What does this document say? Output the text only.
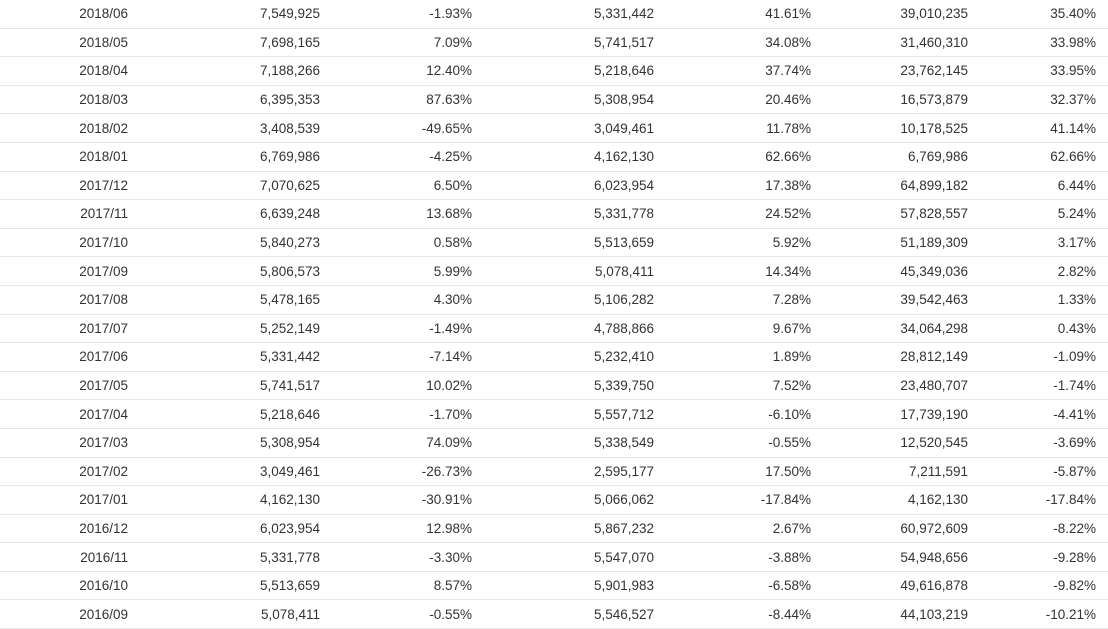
2018/06	7,549,925	-1.93%	5,331,442	41.61%	39,010,235	35.40%
2018/05	7,698,165	7.09%	5,741,517	34.08%	31,460,310	33.98%
2018/04	7,188,266	12.40%	5,218,646	37.74%	23,762,145	33.95%
2018/03	6,395,353	87.63%	5,308,954	20.46%	16,573,879	32.37%
2018/02	3,408,539	-49.65%	3,049,461	11.78%	10,178,525	41.14%
2018/01	6,769,986	-4.25%	4,162,130	62.66%	6,769,986	62.66%
2017/12	7,070,625	6.50%	6,023,954	17.38%	64,899,182	6.44%
2017/11	6,639,248	13.68%	5,331,778	24.52%	57,828,557	5.24%
2017/10	5,840,273	0.58%	5,513,659	5.92%	51,189,309	3.17%
2017/09	5,806,573	5.99%	5,078,411	14.34%	45,349,036	2.82%
2017/08	5,478,165	4.30%	5,106,282	7.28%	39,542,463	1.33%
2017/07	5,252,149	-1.49%	4,788,866	9.67%	34,064,298	0.43%
2017/06	5,331,442	-7.14%	5,232,410	1.89%	28,812,149	-1.09%
2017/05	5,741,517	10.02%	5,339,750	7.52%	23,480,707	-1.74%
2017/04	5,218,646	-1.70%	5,557,712	-6.10%	17,739,190	-4.41%
2017/03	5,308,954	74.09%	5,338,549	-0.55%	12,520,545	-3.69%
2017/02	3,049,461	-26.73%	2,595,177	17.50%	7,211,591	-5.87%
2017/01	4,162,130	-30.91%	5,066,062	-17.84%	4,162,130	-17.84%
2016/12	6,023,954	12.98%	5,867,232	2.67%	60,972,609	-8.22%
2016/11	5,331,778	-3.30%	5,547,070	-3.88%	54,948,656	-9.28%
2016/10	5,513,659	8.57%	5,901,983	-6.58%	49,616,878	-9.82%
2016/09	5,078,411	-0.55%	5,546,527	-8.44%	44,103,219	-10.21%
